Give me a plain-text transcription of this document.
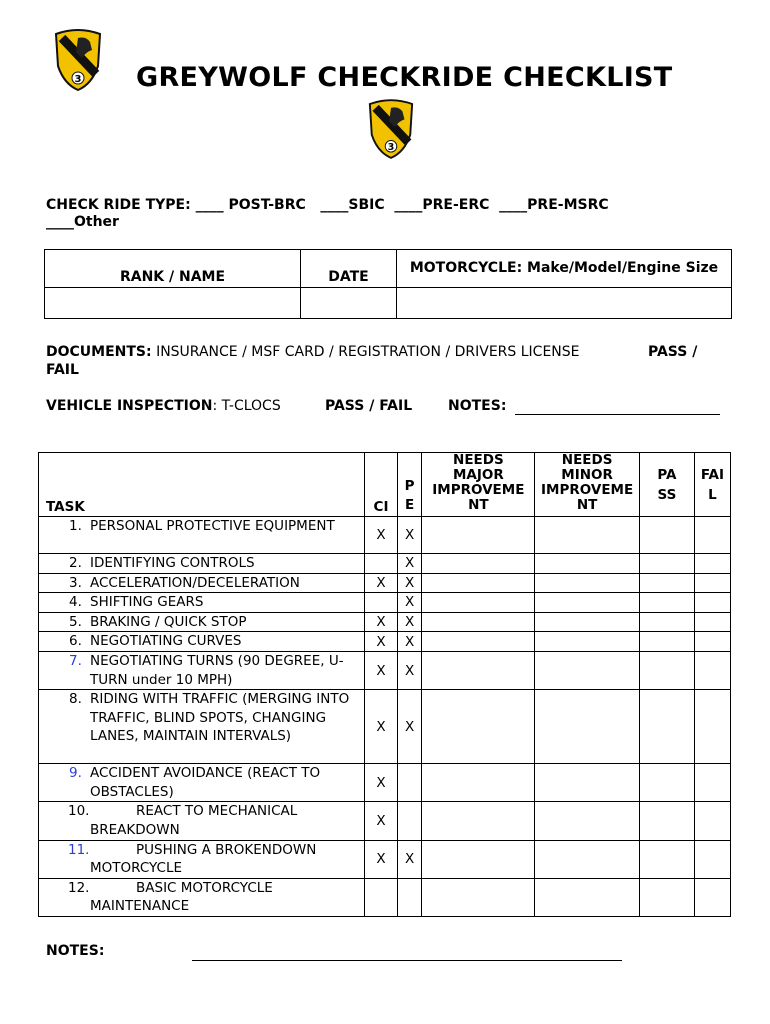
3 GREYWOLF CHECKRIDE CHECKLIST
3
CHECK RIDE TYPE: ____ POST-BRC ____SBIC ____PRE-ERC ____PRE-MSRC
____Other
RANK / NAME	DATE	MOTORCYCLE: Make/Model/Engine Size

DOCUMENTS: INSURANCE / MSF CARD / REGISTRATION / DRIVERS LICENSE	PASS /
FAIL
VEHICLE INSPECTION: T-CLOCS	PASS / FAIL	NOTES:
TASK	CI	P E	NEEDS MAJOR IMPROVEME NT	NEEDS MINOR IMPROVEME NT	PA SS	FAI L

1. PERSONAL PROTECTIVE EQUIPMENT	X	X				

2. IDENTIFYING CONTROLS		X				

3. ACCELERATION/DECELERATION	X	X				

4. SHIFTING GEARS		X				

5. BRAKING / QUICK STOP	X	X				

6. NEGOTIATING CURVES	X	X				

7. NEGOTIATING TURNS (90 DEGREE, U-TURN under 10 MPH)	X	X				

8. RIDING WITH TRAFFIC (MERGING INTO TRAFFIC, BLIND SPOTS, CHANGING LANES, MAINTAIN INTERVALS)	X	X				

9. ACCIDENT AVOIDANCE (REACT TO OBSTACLES)	X					

10. REACT TO MECHANICAL BREAKDOWN	X					

11. PUSHING A BROKENDOWN MOTORCYCLE	X	X				

12. BASIC MOTORCYCLE MAINTENANCE						

NOTES:
